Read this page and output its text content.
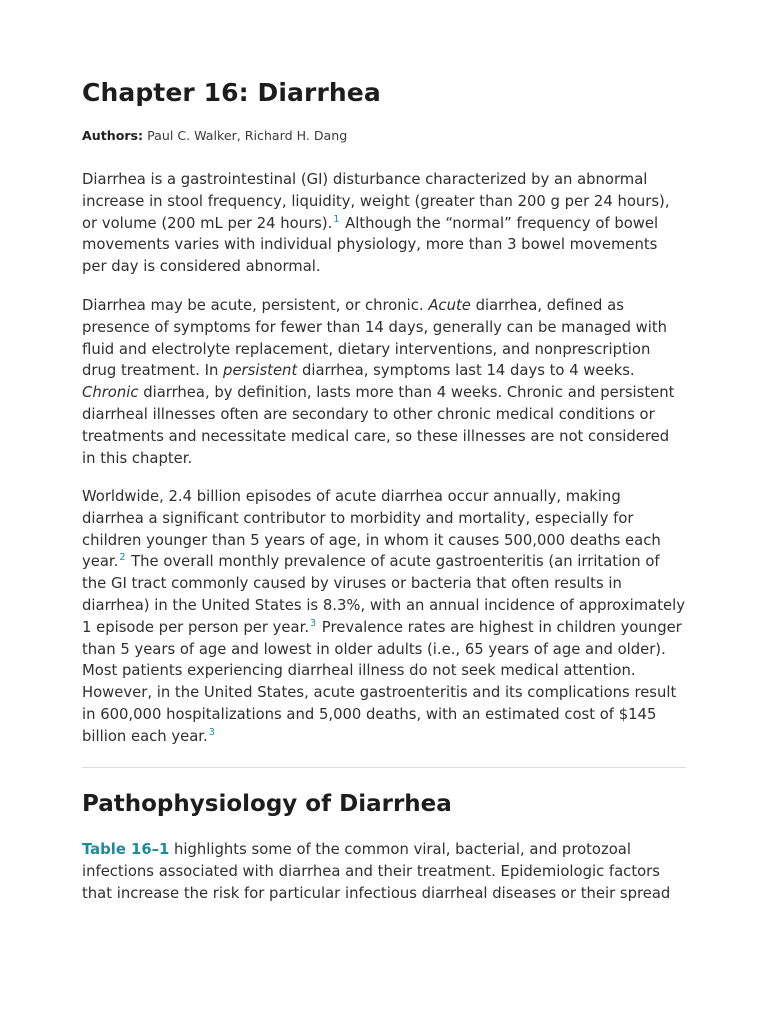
Chapter 16: Diarrhea

Authors: Paul C. Walker, Richard H. Dang

Diarrhea is a gastrointestinal (GI) disturbance characterized by an abnormal increase in stool frequency, liquidity, weight (greater than 200 g per 24 hours), or volume (200 mL per 24 hours).$^1$ Although the “normal” frequency of bowel movements varies with individual physiology, more than 3 bowel movements per day is considered abnormal.

Diarrhea may be acute, persistent, or chronic. Acute diarrhea, defined as presence of symptoms for fewer than 14 days, generally can be managed with fluid and electrolyte replacement, dietary interventions, and nonprescription drug treatment. In persistent diarrhea, symptoms last 14 days to 4 weeks. Chronic diarrhea, by definition, lasts more than 4 weeks. Chronic and persistent diarrheal illnesses often are secondary to other chronic medical conditions or treatments and necessitate medical care, so these illnesses are not considered in this chapter.

Worldwide, 2.4 billion episodes of acute diarrhea occur annually, making diarrhea a significant contributor to morbidity and mortality, especially for children younger than 5 years of age, in whom it causes 500,000 deaths each year.$^2$ The overall monthly prevalence of acute gastroenteritis (an irritation of the GI tract commonly caused by viruses or bacteria that often results in diarrhea) in the United States is 8.3%, with an annual incidence of approximately 1 episode per person per year.$^3$ Prevalence rates are highest in children younger than 5 years of age and lowest in older adults (i.e., 65 years of age and older). Most patients experiencing diarrheal illness do not seek medical attention. However, in the United States, acute gastroenteritis and its complications result in 600,000 hospitalizations and 5,000 deaths, with an estimated cost of $145 billion each year.$^3$

Pathophysiology of Diarrhea

Table 16–1 highlights some of the common viral, bacterial, and protozoal infections associated with diarrhea and their treatment. Epidemiologic factors that increase the risk for particular infectious diarrheal diseases or their spread
